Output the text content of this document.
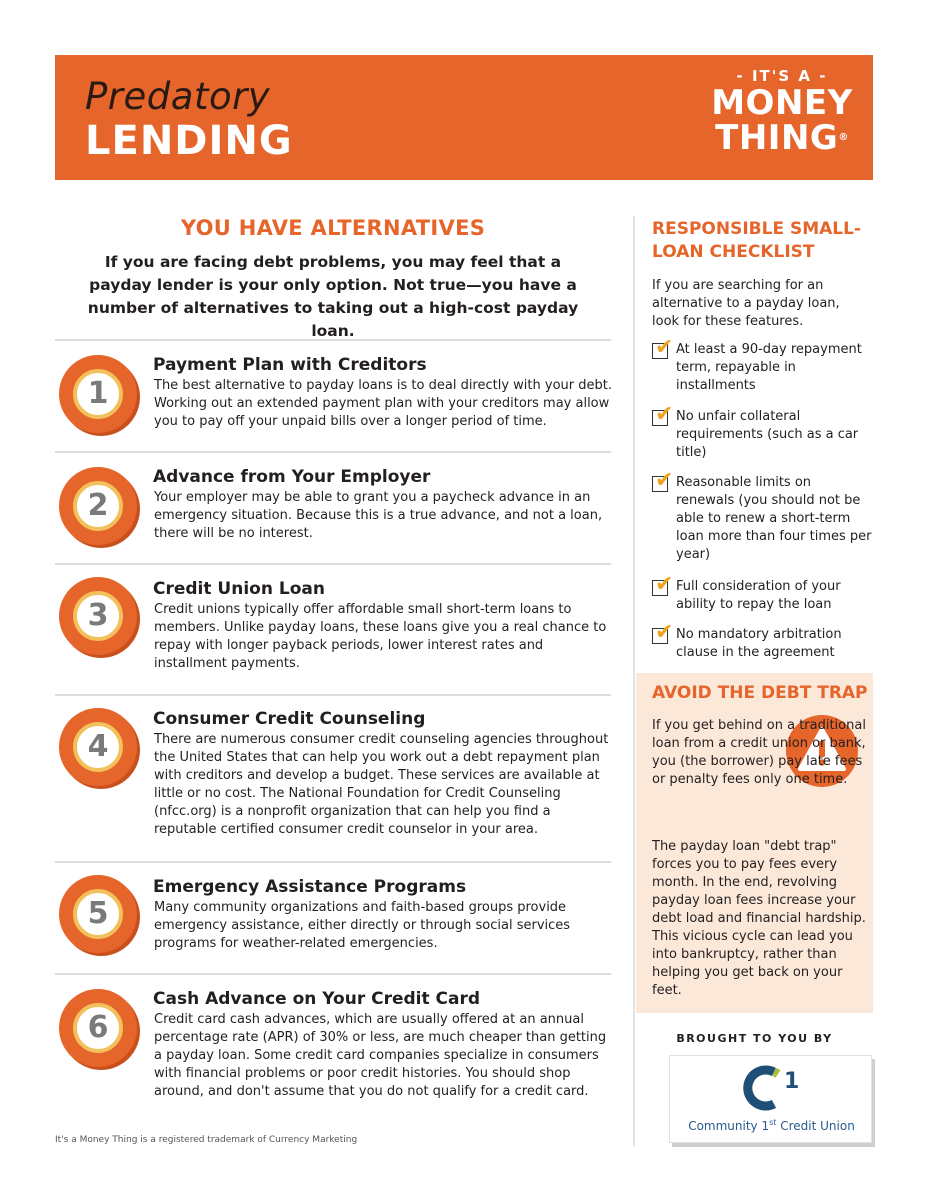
Predatory
LENDING
- IT'S A -
MONEY
THING®
YOU HAVE ALTERNATIVES
If you are facing debt problems, you may feel that a payday lender is your only option. Not true—you have a number of alternatives to taking out a high-cost payday loan.
1
Payment Plan with Creditors
The best alternative to payday loans is to deal directly with your debt. Working out an extended payment plan with your creditors may allow you to pay off your unpaid bills over a longer period of time.
2
Advance from Your Employer
Your employer may be able to grant you a paycheck advance in an emergency situation. Because this is a true advance, and not a loan, there will be no interest.
3
Credit Union Loan
Credit unions typically offer affordable small short-term loans to members. Unlike payday loans, these loans give you a real chance to repay with longer payback periods, lower interest rates and installment payments.
4
Consumer Credit Counseling
There are numerous consumer credit counseling agencies throughout the United States that can help you work out a debt repayment plan with creditors and develop a budget. These services are available at little or no cost. The National Foundation for Credit Counseling (nfcc.org) is a nonprofit organization that can help you find a reputable certified consumer credit counselor in your area.
5
Emergency Assistance Programs
Many community organizations and faith-based groups provide emergency assistance, either directly or through social services programs for weather-related emergencies.
6
Cash Advance on Your Credit Card
Credit card cash advances, which are usually offered at an annual percentage rate (APR) of 30% or less, are much cheaper than getting a payday loan. Some credit card companies specialize in consumers with financial problems or poor credit histories. You should shop around, and don't assume that you do not qualify for a credit card.
It's a Money Thing is a registered trademark of Currency Marketing
RESPONSIBLE SMALL-LOAN CHECKLIST
If you are searching for an alternative to a payday loan, look for these features.
✔ At least a 90-day repayment term, repayable in installments
✔ No unfair collateral requirements (such as a car title)
✔ Reasonable limits on renewals (you should not be able to renew a short-term loan more than four times per year)
✔ Full consideration of your ability to repay the loan
✔ No mandatory arbitration clause in the agreement
AVOID THE DEBT TRAP
If you get behind on a traditional loan from a credit union or bank, you (the borrower) pay late fees or penalty fees only one time.
The payday loan "debt trap" forces you to pay fees every month. In the end, revolving payday loan fees increase your debt load and financial hardship. This vicious cycle can lead you into bankruptcy, rather than helping you get back on your feet.
BROUGHT TO YOU BY
1
Community 1st Credit Union
